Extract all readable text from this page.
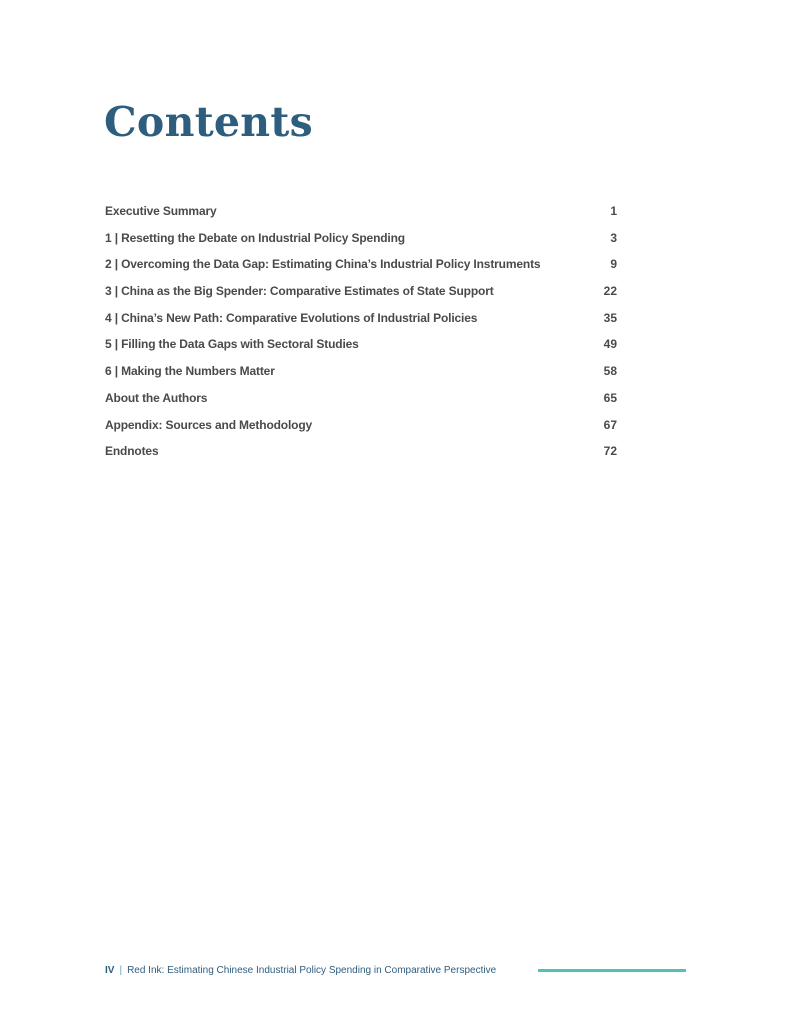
Contents
Executive Summary	1
1 | Resetting the Debate on Industrial Policy Spending	3
2 | Overcoming the Data Gap: Estimating China’s Industrial Policy Instruments	9
3 | China as the Big Spender: Comparative Estimates of State Support	22
4 | China’s New Path: Comparative Evolutions of Industrial Policies	35
5 | Filling the Data Gaps with Sectoral Studies	49
6 | Making the Numbers Matter	58
About the Authors	65
Appendix: Sources and Methodology	67
Endnotes	72
IV | Red Ink: Estimating Chinese Industrial Policy Spending in Comparative Perspective
